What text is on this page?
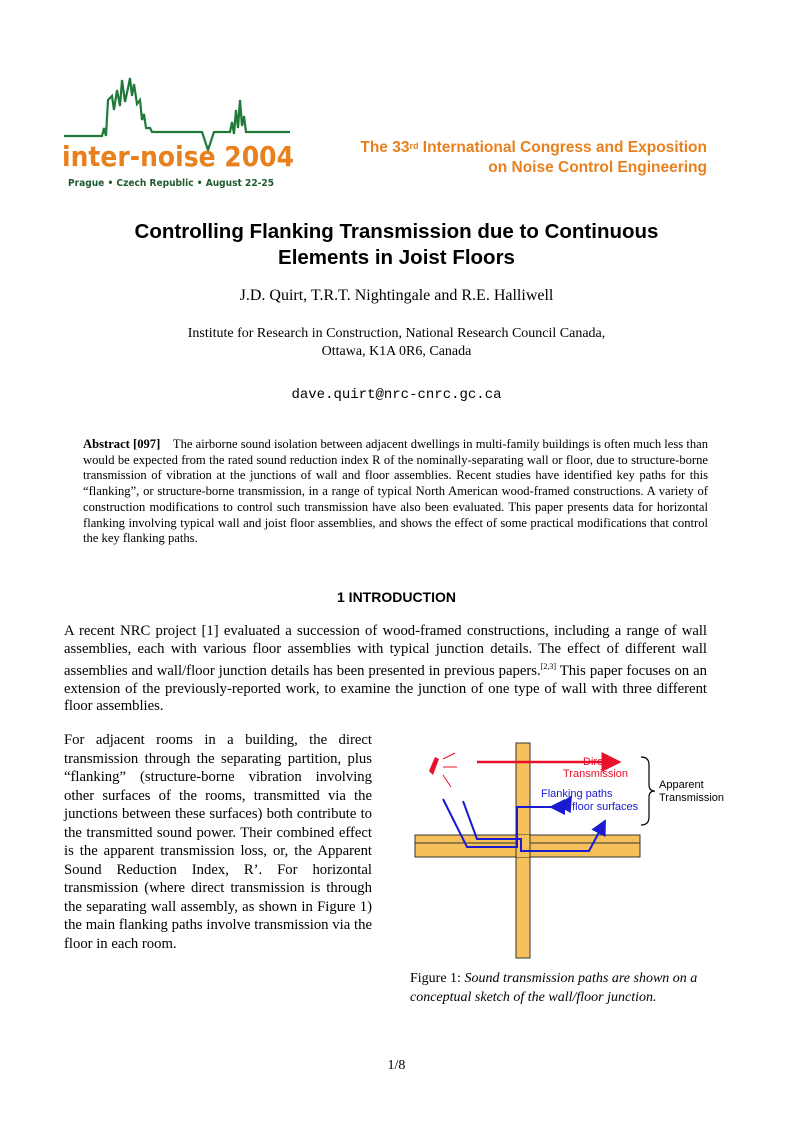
inter-noise 2004
Prague • Czech Republic • August 22-25
The 33rd International Congress and Exposition
on Noise Control Engineering
Controlling Flanking Transmission due to Continuous
Elements in Joist Floors
J.D. Quirt, T.R.T. Nightingale and R.E. Halliwell
Institute for Research in Construction, National Research Council Canada,
Ottawa, K1A 0R6, Canada
dave.quirt@nrc-cnrc.gc.ca
Abstract [097] The airborne sound isolation between adjacent dwellings in multi-family buildings is often much less than would be expected from the rated sound reduction index R of the nominally-separating wall or floor, due to structure-borne transmission of vibration at the junctions of wall and floor assemblies. Recent studies have identified key paths for this “flanking”, or structure-borne transmission, in a range of typical North American wood-framed constructions. A variety of construction modifications to control such transmission have also been evaluated. This paper presents data for horizontal flanking involving typical wall and joist floor assemblies, and shows the effect of some practical modifications that control the key flanking paths.
1 INTRODUCTION
A recent NRC project [1] evaluated a succession of wood-framed constructions, including a range of wall assemblies, each with various floor assemblies with typical junction details. The effect of different wall assemblies and wall/floor junction details has been presented in previous papers.[2,3] This paper focuses on an extension of the previously-reported work, to examine the junction of one type of wall with three different floor assemblies.
For adjacent rooms in a building, the direct transmission through the separating partition, plus “flanking” (structure-borne vibration involving other surfaces of the rooms, transmitted via the junctions between these surfaces) both contribute to the transmitted sound power. Their combined effect is the apparent transmission loss, or, the Apparent Sound Reduction Index, R’. For horizontal transmission (where direct transmission is through the separating wall assembly, as shown in Figure 1) the main flanking paths involve transmission via the floor in each room.
Direct
Transmission
Flanking paths
via floor surfaces
Apparent
Transmission
Figure 1: Sound transmission paths are shown on a conceptual sketch of the wall/floor junction.
1/8
